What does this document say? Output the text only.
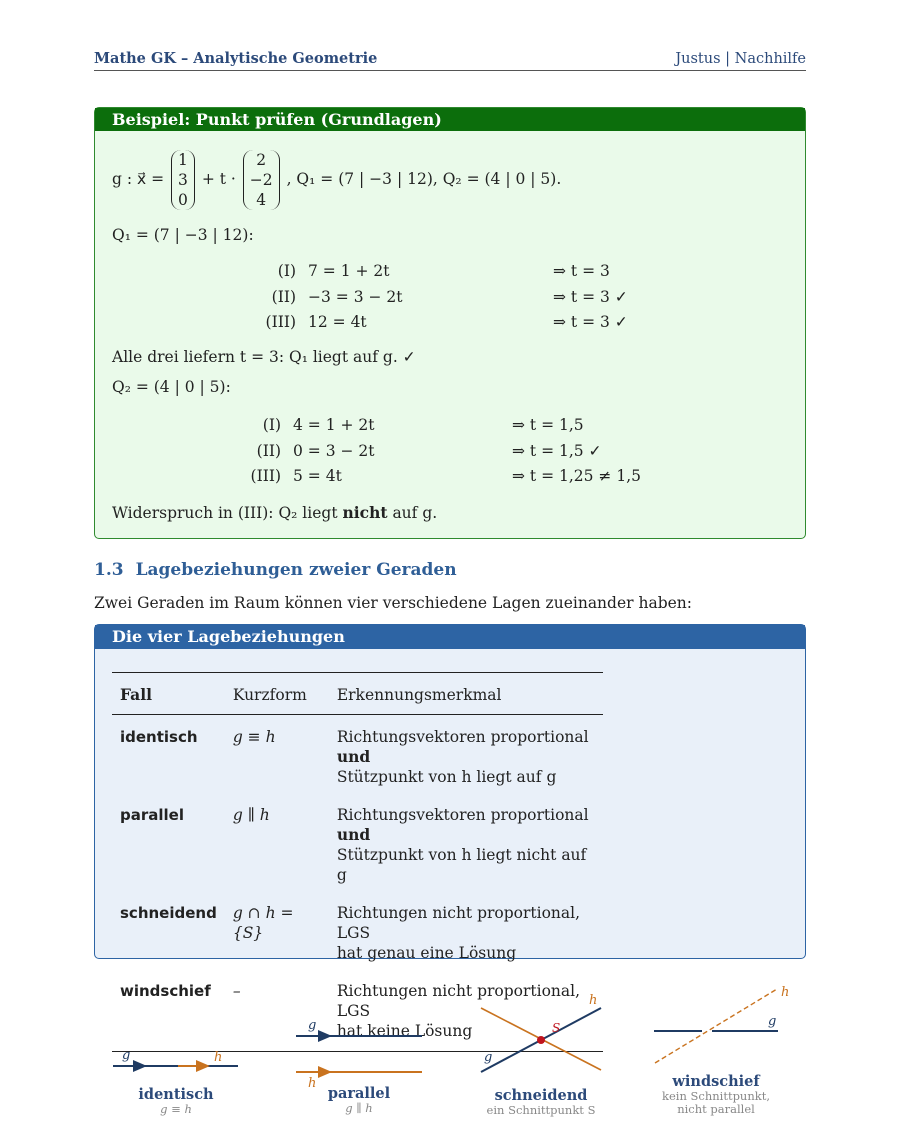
Mathe GK – Analytische Geometrie	Justus | Nachhilfe
Beispiel: Punkt prüfen (Grundlagen)
g : x⃗ =
1
3
0
+ t ·
2
−2
4
, Q₁ = (7 | −3 | 12), Q₂ = (4 | 0 | 5).
Q₁ = (7 | −3 | 12):
(I) 7 = 1 + 2t	⇒ t = 3
(II) −3 = 3 − 2t	⇒ t = 3 ✓
(III) 12 = 4t	⇒ t = 3 ✓
Alle drei liefern t = 3: Q₁ liegt auf g. ✓
Q₂ = (4 | 0 | 5):
(I) 4 = 1 + 2t	⇒ t = 1,5
(II) 0 = 3 − 2t	⇒ t = 1,5 ✓
(III) 5 = 4t	⇒ t = 1,25 ≠ 1,5
Widerspruch in (III): Q₂ liegt nicht auf g.
1.3 Lagebeziehungen zweier Geraden
Zwei Geraden im Raum können vier verschiedene Lagen zueinander haben:
Die vier Lagebeziehungen
Fall	Kurzform	Erkennungsmerkmal
identisch	g ≡ h	Richtungsvektoren proportional und
Stützpunkt von h liegt auf g
parallel	g ∥ h	Richtungsvektoren proportional und
Stützpunkt von h liegt nicht auf g
schneidend	g ∩ h = {S}	Richtungen nicht proportional, LGS
hat genau eine Lösung
windschief	–	Richtungen nicht proportional, LGS
hat keine Lösung
g	h
g
h
S
h
g
g
h
identisch
g ≡ h
parallel
g ∥ h
schneidend
ein Schnittpunkt S
windschief
kein Schnittpunkt,
nicht parallel
